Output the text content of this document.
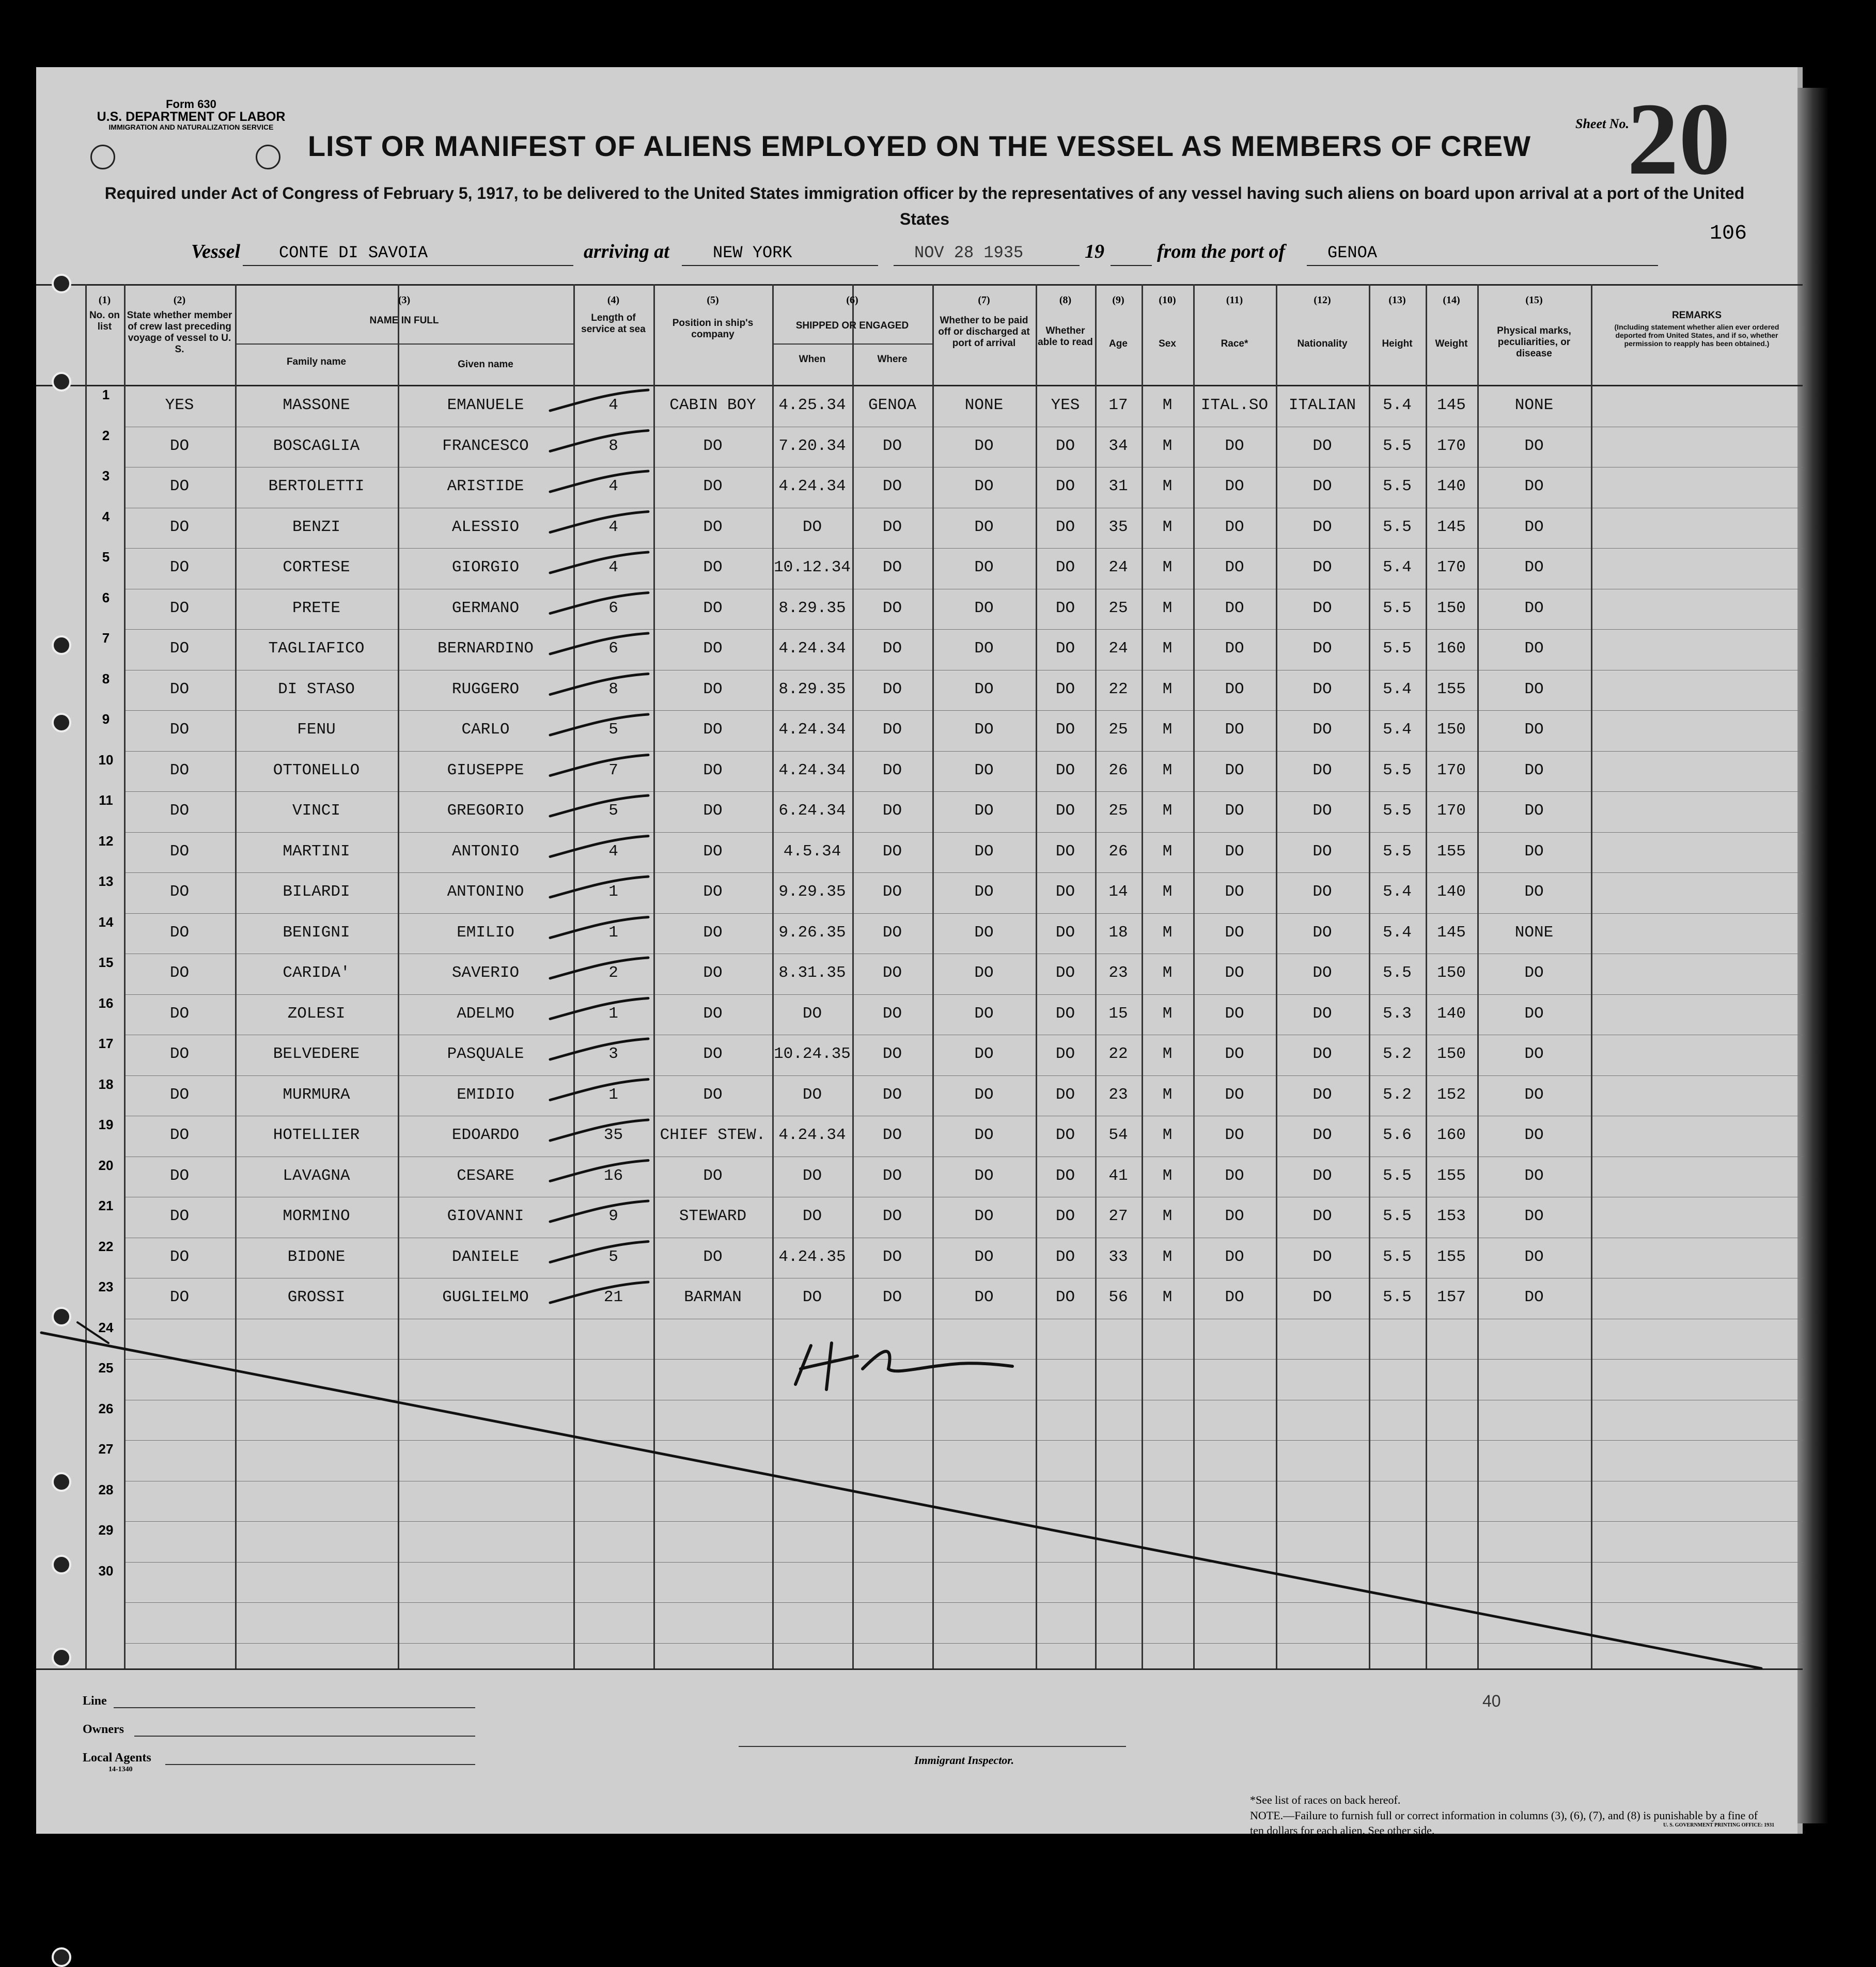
Form 630
U.S. DEPARTMENT OF LABOR
IMMIGRATION AND NATURALIZATION SERVICE
LIST OR MANIFEST OF ALIENS EMPLOYED ON THE VESSEL AS MEMBERS OF CREW
Required under Act of Congress of February 5, 1917, to be delivered to the United States immigration officer by the representatives of any vessel having such aliens on board upon arrival at a port of the United States
Sheet No.
20
106
Vessel CONTE DI SAVOIA	arriving at	NEW YORK	NOV 28 1935	19	from the port of	GENOA
Line
Owners
Local Agents
14-1340
Immigrant Inspector.
*See list of races on back hereof.
NOTE.—Failure to furnish full or correct information in columns (3), (6), (7), and (8) is punishable by a fine of ten dollars for each alien. See other side.	U. S. GOVERNMENT PRINTING OFFICE: 1931
40
(1)	(2)	(3)	(4)	(5)	(6)	(7)	(8)	(9)	(10)	(11)	(12)	(13)	(14)	(15)
No. on list
State whether member of crew last preceding voyage of vessel to U. S.
NAME IN FULL
Family name	Given name
Length of service at sea
Position in ship's company
SHIPPED OR ENGAGED
When	Where
Whether to be paid off or discharged at port of arrival
Whether able to read	Age	Sex	Race*	Nationality	Height	Weight
Physical marks, peculiarities, or disease
REMARKS
(Including statement whether alien ever ordered deported from United States, and if so, whether permission to reapply has been obtained.)
1
YES	MASSONE	EMANUELE	4	CABIN BOY	4.25.34	GENOA	NONE	YES	17	M	ITAL.SO	ITALIAN	5.4	145	NONE
2
DO	BOSCAGLIA	FRANCESCO	8	DO	7.20.34	DO	DO	DO	34	M	DO	DO	5.5	170	DO
3
DO	BERTOLETTI	ARISTIDE	4	DO	4.24.34	DO	DO	DO	31	M	DO	DO	5.5	140	DO
4
DO	BENZI	ALESSIO	4	DO	DO	DO	DO	DO	35	M	DO	DO	5.5	145	DO
5
DO	CORTESE	GIORGIO	4	DO	10.12.34	DO	DO	DO	24	M	DO	DO	5.4	170	DO
6
DO	PRETE	GERMANO	6	DO	8.29.35	DO	DO	DO	25	M	DO	DO	5.5	150	DO
7
DO	TAGLIAFICO	BERNARDINO	6	DO	4.24.34	DO	DO	DO	24	M	DO	DO	5.5	160	DO
8
DO	DI STASO	RUGGERO	8	DO	8.29.35	DO	DO	DO	22	M	DO	DO	5.4	155	DO
9
DO	FENU	CARLO	5	DO	4.24.34	DO	DO	DO	25	M	DO	DO	5.4	150	DO
10
DO	OTTONELLO	GIUSEPPE	7	DO	4.24.34	DO	DO	DO	26	M	DO	DO	5.5	170	DO
11
DO	VINCI	GREGORIO	5	DO	6.24.34	DO	DO	DO	25	M	DO	DO	5.5	170	DO
12
DO	MARTINI	ANTONIO	4	DO	4.5.34	DO	DO	DO	26	M	DO	DO	5.5	155	DO
13
DO	BILARDI	ANTONINO	1	DO	9.29.35	DO	DO	DO	14	M	DO	DO	5.4	140	DO
14
DO	BENIGNI	EMILIO	1	DO	9.26.35	DO	DO	DO	18	M	DO	DO	5.4	145	NONE
15
DO	CARIDA'	SAVERIO	2	DO	8.31.35	DO	DO	DO	23	M	DO	DO	5.5	150	DO
16
DO	ZOLESI	ADELMO	1	DO	DO	DO	DO	DO	15	M	DO	DO	5.3	140	DO
17
DO	BELVEDERE	PASQUALE	3	DO	10.24.35	DO	DO	DO	22	M	DO	DO	5.2	150	DO
18
DO	MURMURA	EMIDIO	1	DO	DO	DO	DO	DO	23	M	DO	DO	5.2	152	DO
19
DO	HOTELLIER	EDOARDO	35	CHIEF STEW. 4.24.34	DO	DO	DO	54	M	DO	DO	5.6	160	DO
20
DO	LAVAGNA	CESARE	16	DO	DO	DO	DO	DO	41	M	DO	DO	5.5	155	DO
21
DO	MORMINO	GIOVANNI	9	STEWARD	DO	DO	DO	DO	27	M	DO	DO	5.5	153	DO
22
DO	BIDONE	DANIELE	5	DO	4.24.35	DO	DO	DO	33	M	DO	DO	5.5	155	DO
23
DO	GROSSI	GUGLIELMO	21	BARMAN	DO	DO	DO	DO	56	M	DO	DO	5.5	157	DO
24
25
26
27
28
29
30
